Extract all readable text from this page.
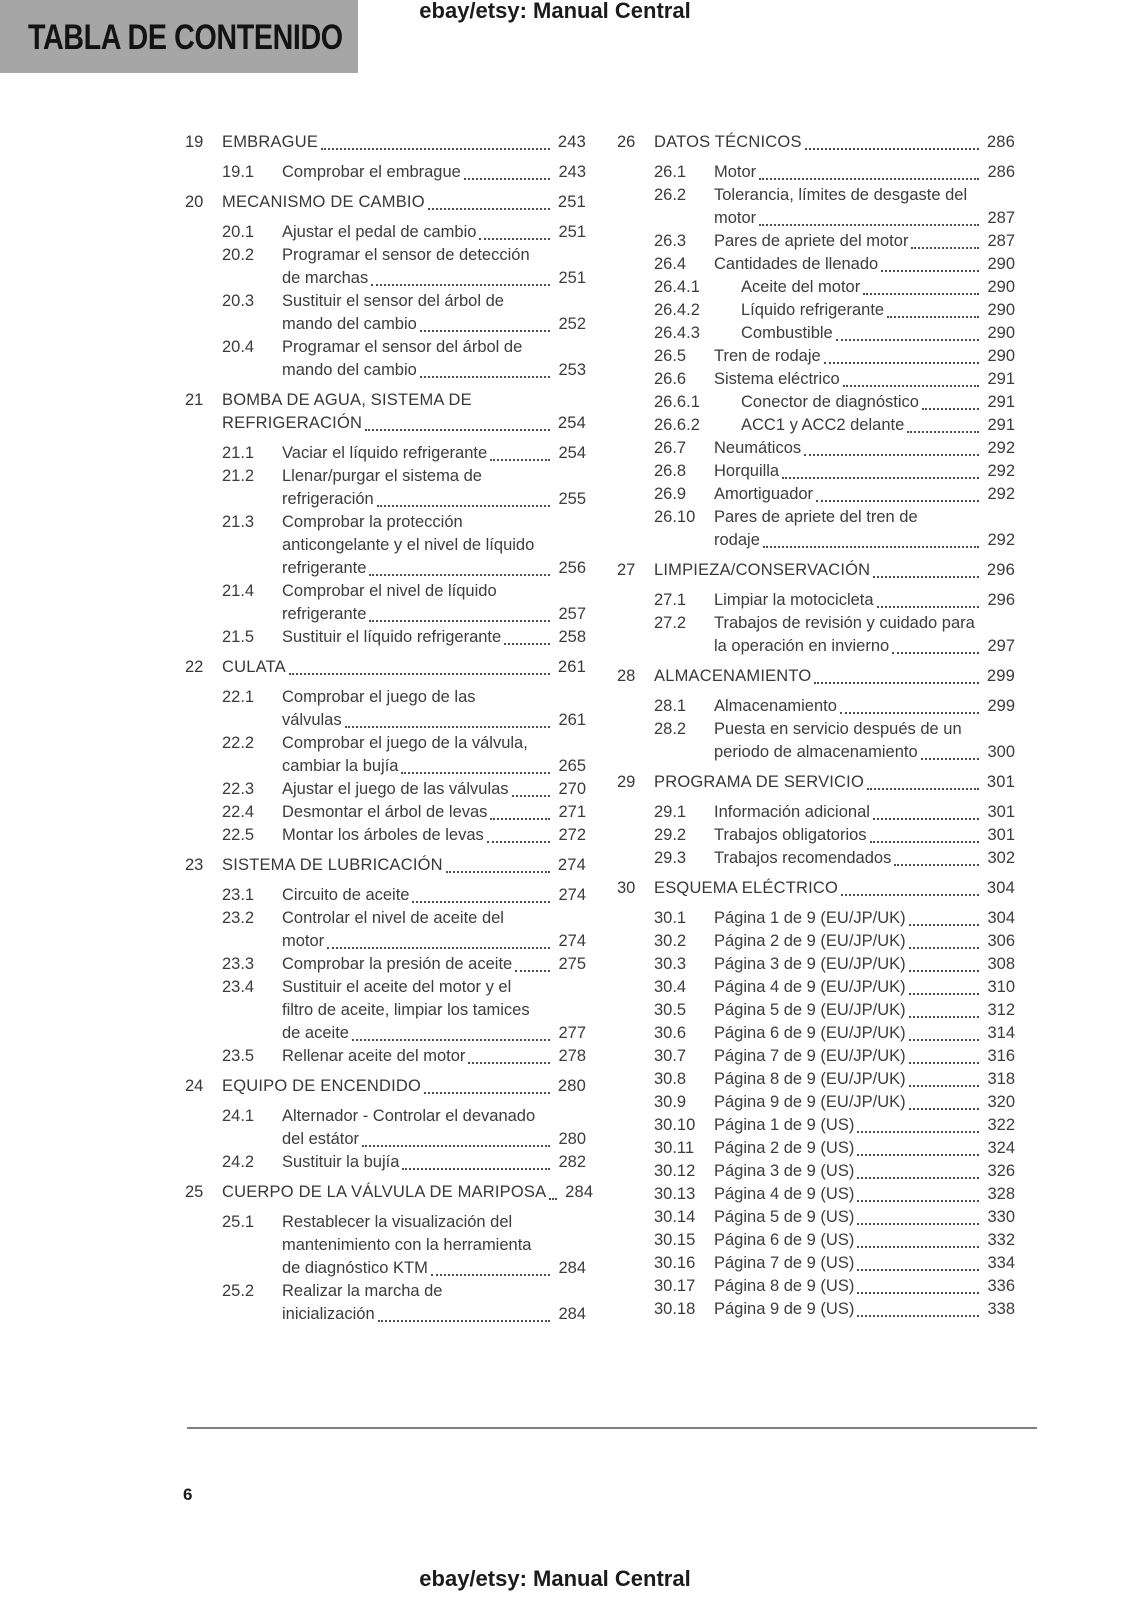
ebay/etsy: Manual Central
TABLA DE CONTENIDO
19	EMBRAGUE	243
19.1	Comprobar el embrague	243
20	MECANISMO DE CAMBIO	251
20.1	Ajustar el pedal de cambio	251
20.2	Programar el sensor de detección
de marchas	251
20.3	Sustituir el sensor del árbol de
mando del cambio	252
20.4	Programar el sensor del árbol de
mando del cambio	253
21	BOMBA DE AGUA, SISTEMA DE
REFRIGERACIÓN	254
21.1	Vaciar el líquido refrigerante	254
21.2	Llenar/purgar el sistema de
refrigeración	255
21.3	Comprobar la protección
anticongelante y el nivel de líquido
refrigerante	256
21.4	Comprobar el nivel de líquido
refrigerante	257
21.5	Sustituir el líquido refrigerante	258
22	CULATA	261
22.1	Comprobar el juego de las
válvulas	261
22.2	Comprobar el juego de la válvula,
cambiar la bujía	265
22.3	Ajustar el juego de las válvulas	270
22.4	Desmontar el árbol de levas	271
22.5	Montar los árboles de levas	272
23	SISTEMA DE LUBRICACIÓN	274
23.1	Circuito de aceite	274
23.2	Controlar el nivel de aceite del
motor	274
23.3	Comprobar la presión de aceite	275
23.4	Sustituir el aceite del motor y el
filtro de aceite, limpiar los tamices
de aceite	277
23.5	Rellenar aceite del motor	278
24	EQUIPO DE ENCENDIDO	280
24.1	Alternador - Controlar el devanado
del estátor	280
24.2	Sustituir la bujía	282
25	CUERPO DE LA VÁLVULA DE MARIPOSA 284
25.1	Restablecer la visualización del
mantenimiento con la herramienta
de diagnóstico KTM	284
25.2	Realizar la marcha de
inicialización	284
26	DATOS TÉCNICOS	286
26.1	Motor	286
26.2	Tolerancia, límites de desgaste del
motor	287
26.3	Pares de apriete del motor	287
26.4	Cantidades de llenado	290
26.4.1	Aceite del motor	290
26.4.2	Líquido refrigerante	290
26.4.3	Combustible	290
26.5	Tren de rodaje	290
26.6	Sistema eléctrico	291
26.6.1	Conector de diagnóstico	291
26.6.2	ACC1 y ACC2 delante	291
26.7	Neumáticos	292
26.8	Horquilla	292
26.9	Amortiguador	292
26.10	Pares de apriete del tren de
rodaje	292
27	LIMPIEZA/CONSERVACIÓN	296
27.1	Limpiar la motocicleta	296
27.2	Trabajos de revisión y cuidado para
la operación en invierno	297
28	ALMACENAMIENTO	299
28.1	Almacenamiento	299
28.2	Puesta en servicio después de un
periodo de almacenamiento	300
29	PROGRAMA DE SERVICIO	301
29.1	Información adicional	301
29.2	Trabajos obligatorios	301
29.3	Trabajos recomendados	302
30	ESQUEMA ELÉCTRICO	304
30.1	Página 1 de 9 (EU/JP/UK)	304
30.2	Página 2 de 9 (EU/JP/UK)	306
30.3	Página 3 de 9 (EU/JP/UK)	308
30.4	Página 4 de 9 (EU/JP/UK)	310
30.5	Página 5 de 9 (EU/JP/UK)	312
30.6	Página 6 de 9 (EU/JP/UK)	314
30.7	Página 7 de 9 (EU/JP/UK)	316
30.8	Página 8 de 9 (EU/JP/UK)	318
30.9	Página 9 de 9 (EU/JP/UK)	320
30.10	Página 1 de 9 (US)	322
30.11	Página 2 de 9 (US)	324
30.12	Página 3 de 9 (US)	326
30.13	Página 4 de 9 (US)	328
30.14	Página 5 de 9 (US)	330
30.15	Página 6 de 9 (US)	332
30.16	Página 7 de 9 (US)	334
30.17	Página 8 de 9 (US)	336
30.18	Página 9 de 9 (US)	338
6
ebay/etsy: Manual Central
